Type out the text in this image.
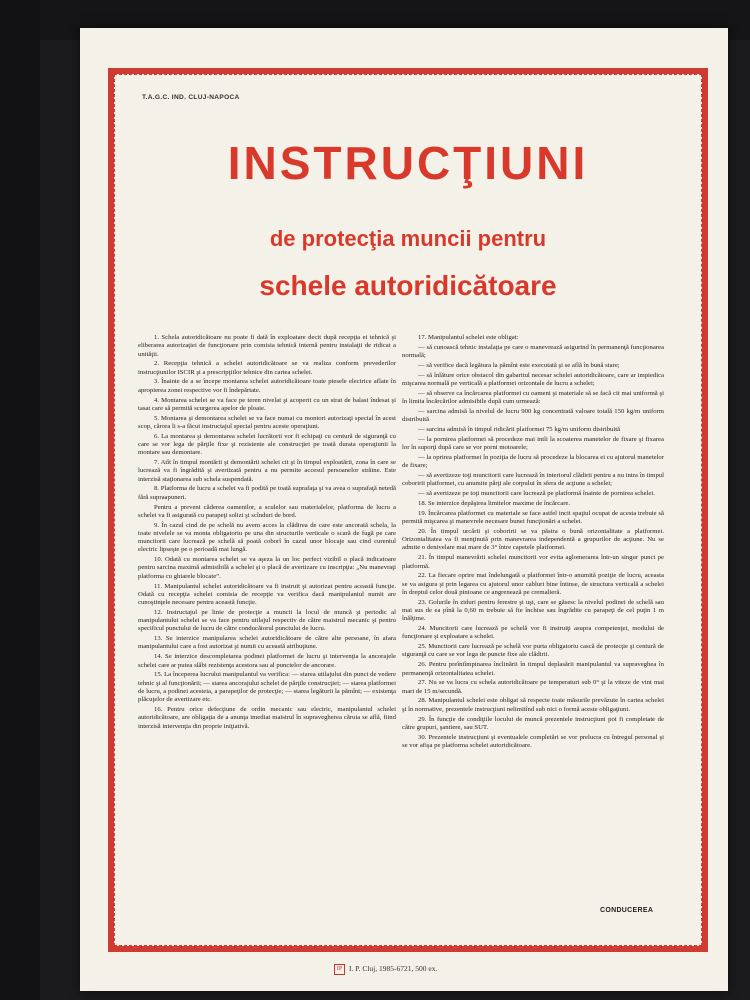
T.A.G.C. IND. CLUJ-NAPOCA
INSTRUCŢIUNI
de protecţia muncii pentru
schele autoridicătoare

1. Schela autoridicătoare nu poate fi dată în exploatare decit după recepţia ei tehnică şi eliberarea autorizaţiei de funcţionare prin comisia tehnică internă pentru instalaţii de ridicat a unităţii.

2. Recepţia tehnică a schelei autoridicătoare se va realiza conform prevederilor instrucţiunilor ISCIR şi a prescripţiilor tehnice din cartea schelei.

3. Înainte de a se începe montarea schelei autoridicătoare toate piesele electrice aflate în apropierea zonei respective vor fi îndepărtate.

4. Montarea schelei se va face pe teren nivelat şi acoperit cu un strat de balast îndesat şi tasat care să permită scurgerea apelor de ploaie.

5. Montarea şi demontarea schelei se va face numai cu montori autorizaţi special în acest scop, cărora li s-a făcut instructajul special pentru aceste operaţiuni.

6. La montarea şi demontarea schelei lucrătorii vor fi echipaţi cu centură de siguranţă cu care se vor lega de părţile fixe şi rezistente ale construcţiei pe toată durata operaţiunii la montare sau demontare.

7. Atît în timpul montării şi demontării schelei cit şi în timpul exploatării, zona în care se lucrează va fi îngrădită şi avertizată pentru a nu permite accesul persoanelor străine. Este interzisă staţionarea sub schela suspendată.

8. Platforma de lucru a schelei va fi podită pe toată suprafaţa şi va avea o suprafaţă netedă fără supraapuneri.

Pentru a preveni căderea oamenilor, a sculelor sau materialelor, platforma de lucru a schelei va fi asigurată cu parapeţi solizi şi scînduri de bord.

9. În cazul cind de pe schelă nu avem acces la clădirea de care este ancorată schela, la toate nivelele se va monta obligatoriu pe una din structurile verticale o scară de fugă pe care muncitorii care lucrează pe schelă să poată coborî în cazul unor blocaje sau cind curentul electric lipseşte pe o perioadă mai lungă.

10. Odată cu montarea schelei se va aşeza la un loc perfect vizibil o placă indicatoare pentru sarcina maximă admisibilă a schelei şi o placă de avertizare cu inscripţia: „Nu manevraţi platforma cu ghiarele blocate”.

11. Manipulantul schelei autoridicătoare va fi instruit şi autorizat pentru această funcţie. Odată cu recepţia schelei comisia de recepţie va verifica dacă manipulantul numit are cunoştinţele necesare pentru această funcţie.

12. Instructajul pe linie de protecţie a muncii la locul de muncă şi periodic al manipulantului schelei se va face pentru utilajul respectiv de către maistrul mecanic şi pentru specificul punctului de lucru de către conducătorul punctului de lucru.

13. Se interzice manipularea schelei autoridicătoare de către alte persoane, în afara manipulantului care a fost autorizat şi numit cu această atribuţiune.

14. Se interzice descompletarea podinei platformei de lucru şi intervenţia la ancorajele schelei care ar putea slăbi rezistenţa acestora sau al punctelor de ancorare.

15. La începerea lucrului manipulantul va verifica: — starea utilajului din punct de vedere tehnic şi al funcţionării; — starea ancorajului schelei de părţile construcţiei; — starea platformei de lucru, a podinei acesteia, a parapeţilor de protecţie; — starea legăturii la pămînt; — existenţa plăcuţelor de avertizare etc.

16. Pentru orice defecţiune de ordin mecanic sau electric, manipulantul schelei autoridicătoare, are obligaţia de a anunţa imediat maistrul în supravegherea căruia se află, fiind interzisă intervenţia din proprie iniţiativă.

17. Manipulantul schelei este obligat:

— să cunoască tehnic instalaţia pe care o manevrează asigurind în permanenţă funcţionarea normală;

— să verifice dacă legătura la pămînt este executată şi se află în bună stare;

— să înlăture orice obstacol din gabaritul necesar schelei autoridicătoare, care ar impiedica mişcarea normală pe verticală a platformei orizontale de lucru a schelei;

— să observe ca încărcarea platformei cu oameni şi materiale să se facă cit mai uniformă şi în limita încărcărilor admisibile după cum urmează:

— sarcina admisă la nivelul de lucru 900 kg concentrată valoare totală 150 kg/m uniform distribuită

— sarcina admisă în timpul ridicării platformei 75 kg/m uniform distribuită

— la pornirea platformei să procedeze mai intîi la scoaterea manetelor de fixare şi fixarea lor în suporţi după care se vor porni motoarele;

— la oprirea platformei în poziţia de lucru să procedeze la blocarea ei cu ajutorul manetelor de fixare;

— să avertizeze toţi muncitorii care lucrează în interiorul clădirii pentru a nu intra în timpul coboririi platformei, cu anumite părţi ale corpului în sfera de acţiune a schelei;

— să avertizeze pe toţi muncitorii care lucrează pe platformă înainte de pornirea schelei.

18. Se interzice depăşirea limitelor maxime de încărcare.

19. Încărcarea platformei cu materiale se face astfel incit spaţiul ocupat de acesta trebuie să permită mişcarea şi manevrele necesare bunei funcţionări a schelei.

20. În timpul urcării şi coboririi se va păstra o bună orizontalitate a platformei. Orizontalitatea va fi menţinută prin manevrarea independentă a grupurilor de acţiune. Nu se admite o denivelare mai mare de 3° între capetele platformei.

21. În timpul manevrării schelei muncitorii vor evita aglomerarea într-un singur punct pe platformă.

22. La fiecare oprire mai îndelungată a platformei într-o anumită poziţie de lucru, aceasta se va asigura şi prin legarea cu ajutorul unor cabluri bine întinse, de structura verticală a schelei în dreptul celor două pinioane ce angrenează pe cremalieră.

23. Golurile în ziduri pentru ferestre şi uşi, care se găsesc la nivelul podinei de schelă sau mai sus de ea pînă la 0,60 m trebuie să fie închise sau îngrădite cu parapeţi de cel puţin 1 m înălţime.

24. Muncitorii care lucrează pe schelă vor fi instruiţi asupra competenţei, modului de funcţionare şi exploatare a schelei.

25. Muncitorii care lucrează pe schelă vor purta obligatoriu cască de protecţie şi centură de siguranţă cu care se vor lega de puncte fixe ale clădirii.

26. Pentru preîntîmpinarea înclinării în timpul deplasării manipulantul va supraveghea în permanenţă orizontalitatea schelei.

27. Nu se va lucra cu schela autoridicătoare pe temperaturi sub 0° şi la viteze de vint mai mari de 15 m/secundă.

28. Manipulantul schelei este obligat să respecte toate măsurile prevăzute în cartea schelei şi în normative, prezentele instrucţiuni nelimitînd sub nici o formă aceste obligaţiuni.

29. În funcţie de condiţiile locului de muncă prezentele instrucţiuni pot fi completate de către grupuri, şantiere, sau SUT.

30. Prezentele instrucţiuni şi eventualele completări se vor prelucra cu întregul personal şi se vor afişa pe platforma schelei autoridicătoare.

CONDUCEREA
IP I. P. Cluj, 1985-6721, 500 ex.
